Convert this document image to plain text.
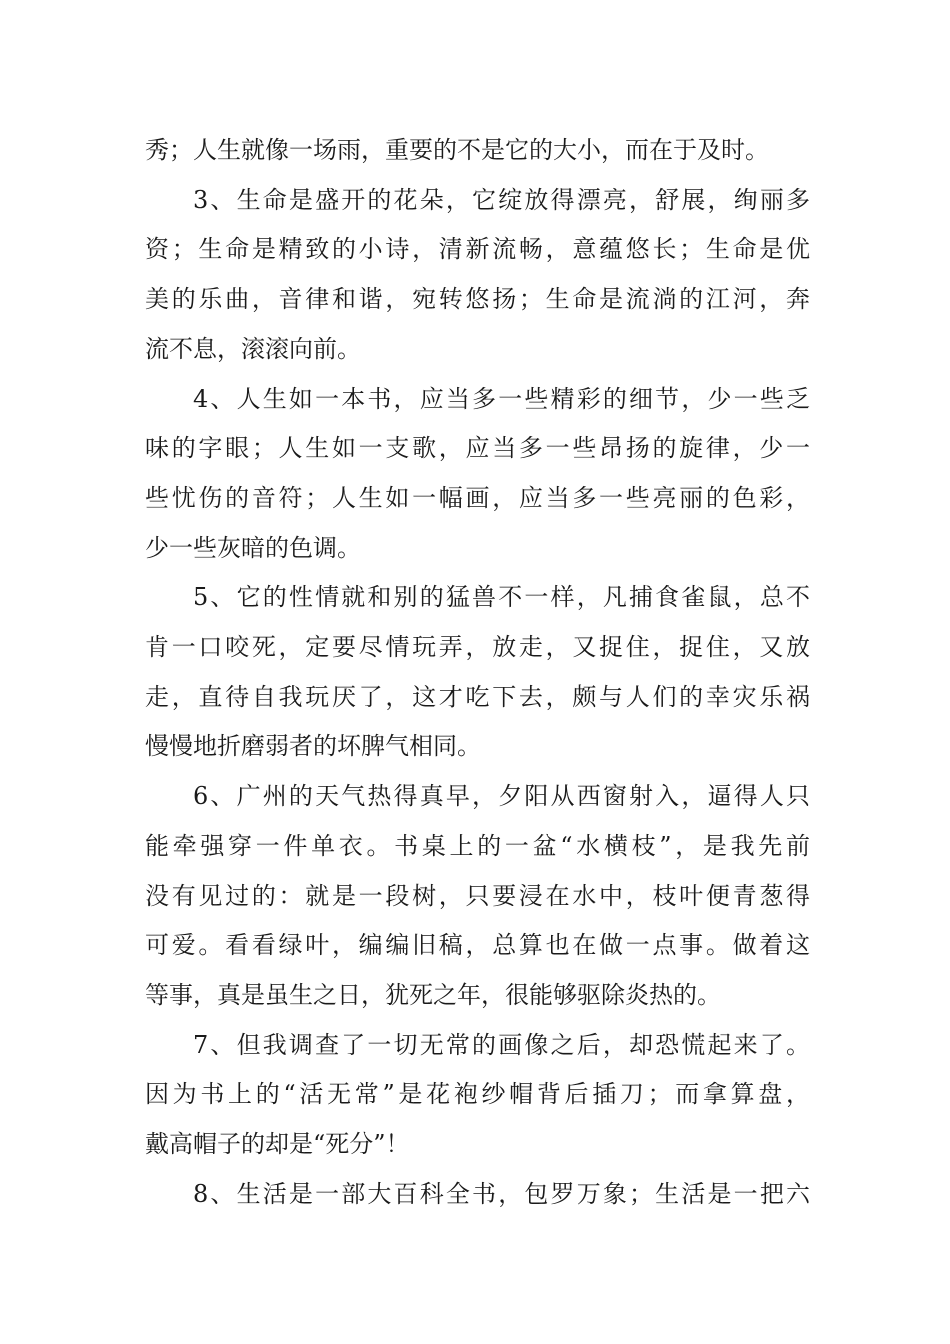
秀；人生就像一场雨，重要的不是它的大小，而在于及时。
3、生命是盛开的花朵，它绽放得漂亮，舒展，绚丽多
资；生命是精致的小诗，清新流畅，意蕴悠长；生命是优
美的乐曲，音律和谐，宛转悠扬；生命是流淌的江河，奔
流不息，滚滚向前。
4、人生如一本书，应当多一些精彩的细节，少一些乏
味的字眼；人生如一支歌，应当多一些昂扬的旋律，少一
些忧伤的音符；人生如一幅画，应当多一些亮丽的色彩，
少一些灰暗的色调。
5、它的性情就和别的猛兽不一样，凡捕食雀鼠，总不
肯一口咬死，定要尽情玩弄，放走，又捉住，捉住，又放
走，直待自我玩厌了，这才吃下去，颇与人们的幸灾乐祸
慢慢地折磨弱者的坏脾气相同。
6、广州的天气热得真早，夕阳从西窗射入，逼得人只
能牵强穿一件单衣。书桌上的一盆“水横枝”，是我先前
没有见过的：就是一段树，只要浸在水中，枝叶便青葱得
可爱。看看绿叶，编编旧稿，总算也在做一点事。做着这
等事，真是虽生之日，犹死之年，很能够驱除炎热的。
7、但我调查了一切无常的画像之后，却恐慌起来了。
因为书上的“活无常”是花袍纱帽背后插刀；而拿算盘，
戴高帽子的却是“死分”！
8、生活是一部大百科全书，包罗万象；生活是一把六
